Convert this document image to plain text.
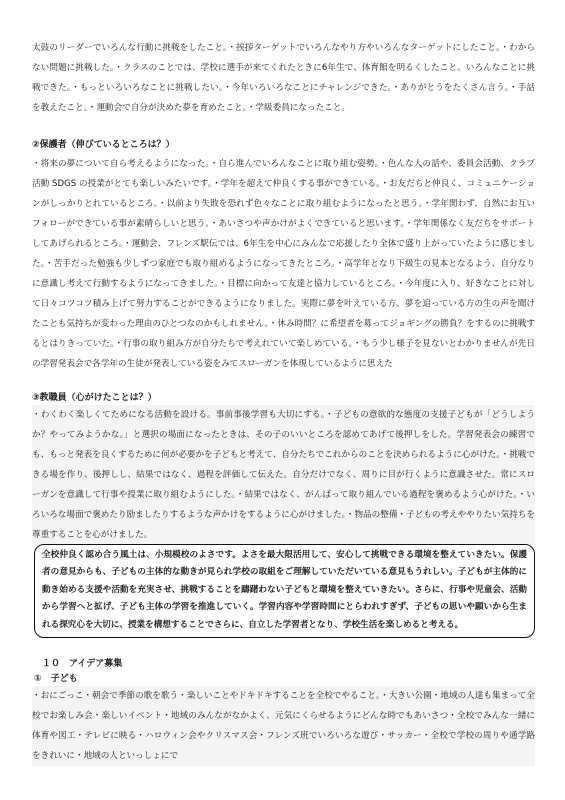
太鼓のリーダーでいろんな行動に挑戦をしたこと。・挨拶ターゲットでいろんなやり方やいろんなターゲットにしたこと。・わからない問題に挑戦した。・クラスのことでは、学校に選手が来てくれたときに6年生で、体育館を明るくしたこと。いろんなことに挑戦できた。・もっといろいろなことに挑戦したい。・今年いろいろなことにチャレンジできた。・ありがとうをたくさん言う。・手話を教えたこと。・運動会で自分が決めた夢を育めたこと。・学級委員になったこと。

②保護者（伸びているところは？）

・将来の夢について自ら考えるようになった。・自ら進んでいろんなことに取り組む姿勢。・色んな人の話や、委員会活動、クラブ活動 SDGS の授業がとても楽しいみたいです。・学年を超えて仲良くする事ができている。・お友だちと仲良く、コミュニケーションがしっかりとれているところ。・以前より失敗を恐れず色々なことに取り組むようになったと思う。・学年関わず、自然にお互いフォローができている事が素晴らしいと思う。・あいさつや声かけがよくできていると思います。・学年関係なく友だちをサポートしてあげられるところ。・運動会、フレンズ駅伝では、6年生を中心にみんなで応援したり全体で盛り上がっていたように感じました。・苦手だった勉強も少しずつ家庭でも取り組めるようになってきたところ。・高学年となり下級生の見本となるよう、自分なりに意識し考えて行動するようになってきました。・目標に向かって友達と協力しているところ。・今年度に入り、好きなことに対して日々コツコツ積み上げて努力することができるようになりました。実際に夢を叶えている方、夢を追っている方の生の声を聞けたことも気持ちが変わった理由のひとつなのかもしれません。・休み時間？に希望者を募ってジョギングの勝負？をするのに挑戦するとはりきっていた。・行事の取り組み方が自分たちで考えれていて楽しめている。・もう少し様子を見ないとわかりませんが先日の学習発表会で各学年の生徒が発表している姿をみてスローガンを体現しているように思えた

③教職員（心がけたことは？）

・わくわく楽しくてためになる活動を設ける。事前事後学習も大切にする。・子どもの意欲的な態度の支援子どもが「どうしようか？やってみようかな。」と選択の場面になったときは、その子のいいところを認めてあげて後押しをした。学習発表会の練習でも、もっと発表を良くするために何が必要かを子どもと考えて、自分たちでこれからのことを決められるように心がけた。・挑戦できる場を作り、後押しし、結果ではなく、過程を評価して伝えた。自分だけでなく、周りに目が行くように意識させた。常にスローガンを意識して行事や授業に取り組むようにした。・結果ではなく、がんばって取り組んでいる過程を褒めるよう心がけた。・いろいろな場面で褒めたり励ましたりするような声かけをするように心がけました。・物品の整備・子どもの考えややりたい気持ちを尊重することを心がけました。

全校仲良く認め合う風土は、小規模校のよさです。よさを最大限活用して、安心して挑戦できる環境を整えていきたい。保護者の意見からも、子どもの主体的な動きが見られ学校の取組をご理解していただいている意見もうれしい。子どもが主体的に動き始める支援や活動を充実させ、挑戦することを躊躇わない子どもと環境を整えていきたい。さらに、行事や児童会、活動から学習へと拡げ、子ども主体の学習を推進していく。学習内容や学習時間にとらわれすぎず、子どもの思いや願いから生まれる探究心を大切に、授業を構想することでさらに、自立した学習者となり、学校生活を楽しめると考える。

１０　アイデア募集

①　子ども

・おにごっこ・朝会で季節の歌を歌う・楽しいことやドキドキすることを全校でやること。・大きい公園・地域の人達も集まって全校でお楽しみ会・楽しいイベント・地域のみんながなかよく、元気にくらせるようにどんな時でもあいさつ・全校でみんな一緒に体育や図工・テレビに映る・ハロウィン会やクリスマス会・フレンズ班でいろいろな遊び・サッカー・全校で学校の周りや通学路をきれいに・地域の人といっしょにで
